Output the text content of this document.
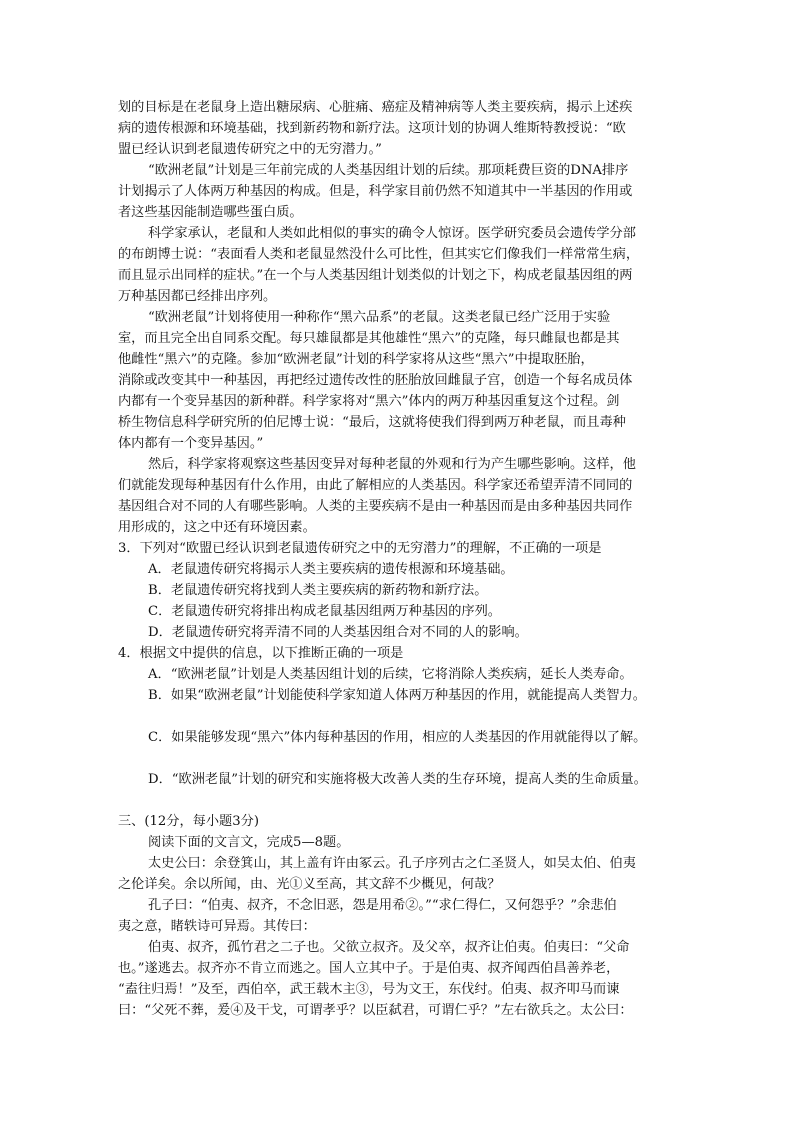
划的目标是在老鼠身上造出糖尿病、心脏痛、癌症及精神病等人类主要疾病，揭示上述疾
病的遗传根源和环境基础，找到新药物和新疗法。这项计划的协调人维斯特教授说：“欧
盟已经认识到老鼠遗传研究之中的无穷潜力。”
“欧洲老鼠”计划是三年前完成的人类基因组计划的后续。那项耗费巨资的DNA排序
计划揭示了人体两万种基因的构成。但是，科学家目前仍然不知道其中一半基因的作用或
者这些基因能制造哪些蛋白质。
科学家承认，老鼠和人类如此相似的事实的确令人惊讶。医学研究委员会遗传学分部
的布朗博士说：“表面看人类和老鼠显然没什么可比性，但其实它们像我们一样常常生病，
而且显示出同样的症状。”在一个与人类基因组计划类似的计划之下，构成老鼠基因组的两
万种基因都已经排出序列。
“欧洲老鼠”计划将使用一种称作“黑六品系”的老鼠。这类老鼠已经广泛用于实验
室，而且完全出自同系交配。每只雄鼠都是其他雄性“黑六”的克隆，每只雌鼠也都是其
他雌性“黑六”的克隆。参加“欧洲老鼠”计划的科学家将从这些“黑六”中提取胚胎，
消除或改变其中一种基因，再把经过遗传改性的胚胎放回雌鼠子宫，创造一个每名成员体
内都有一个变异基因的新种群。科学家将对“黑六”体内的两万种基因重复这个过程。剑
桥生物信息科学研究所的伯尼博士说：“最后，这就将使我们得到两万种老鼠，而且毒种
体内都有一个变异基因。”
然后，科学家将观察这些基因变异对每种老鼠的外观和行为产生哪些影响。这样，他
们就能发现每种基因有什么作用，由此了解相应的人类基因。科学家还希望弄清不同同的
基因组合对不同的人有哪些影响。人类的主要疾病不是由一种基因而是由多种基因共同作
用形成的，这之中还有环境因素。
3．下列对“欧盟已经认识到老鼠遗传研究之中的无穷潜力”的理解，不正确的一项是
A．老鼠遗传研究将揭示人类主要疾病的遗传根源和环境基础。
B．老鼠遗传研究将找到人类主要疾病的新药物和新疗法。
C．老鼠遗传研究将排出构成老鼠基因组两万种基因的序列。
D．老鼠遗传研究将弄清不同的人类基因组合对不同的人的影响。
4．根据文中提供的信息，以下推断正确的一项是
A．“欧洲老鼠”计划是人类基因组计划的后续，它将消除人类疾病，延长人类寿命。
B．如果“欧洲老鼠”计划能使科学家知道人体两万种基因的作用，就能提高人类智力。
C．如果能够发现“黑六”体内每种基因的作用，相应的人类基因的作用就能得以了解。
D．“欧洲老鼠”计划的研究和实施将极大改善人类的生存环境，提高人类的生命质量。
三、(12分，每小题3分)
阅读下面的文言文，完成5—8题。
太史公曰：余登箕山，其上盖有许由冢云。孔子序列古之仁圣贤人，如吴太伯、伯夷
之伦详矣。余以所闻，由、光①义至高，其文辞不少概见，何哉？
孔子曰：“伯夷、叔齐，不念旧恶，怨是用希②。”“求仁得仁，又何怨乎？”余悲伯
夷之意，睹轶诗可异焉。其传曰：
伯夷、叔齐，孤竹君之二子也。父欲立叔齐。及父卒，叔齐让伯夷。伯夷曰：“父命
也。”遂逃去。叔齐亦不肯立而逃之。国人立其中子。于是伯夷、叔齐闻西伯昌善养老，
“盍往归焉！”及至，西伯卒，武王载木主③，号为文王，东伐纣。伯夷、叔齐叩马而谏
曰：“父死不葬，爰④及干戈，可谓孝乎？以臣弑君，可谓仁乎？”左右欲兵之。太公曰：
